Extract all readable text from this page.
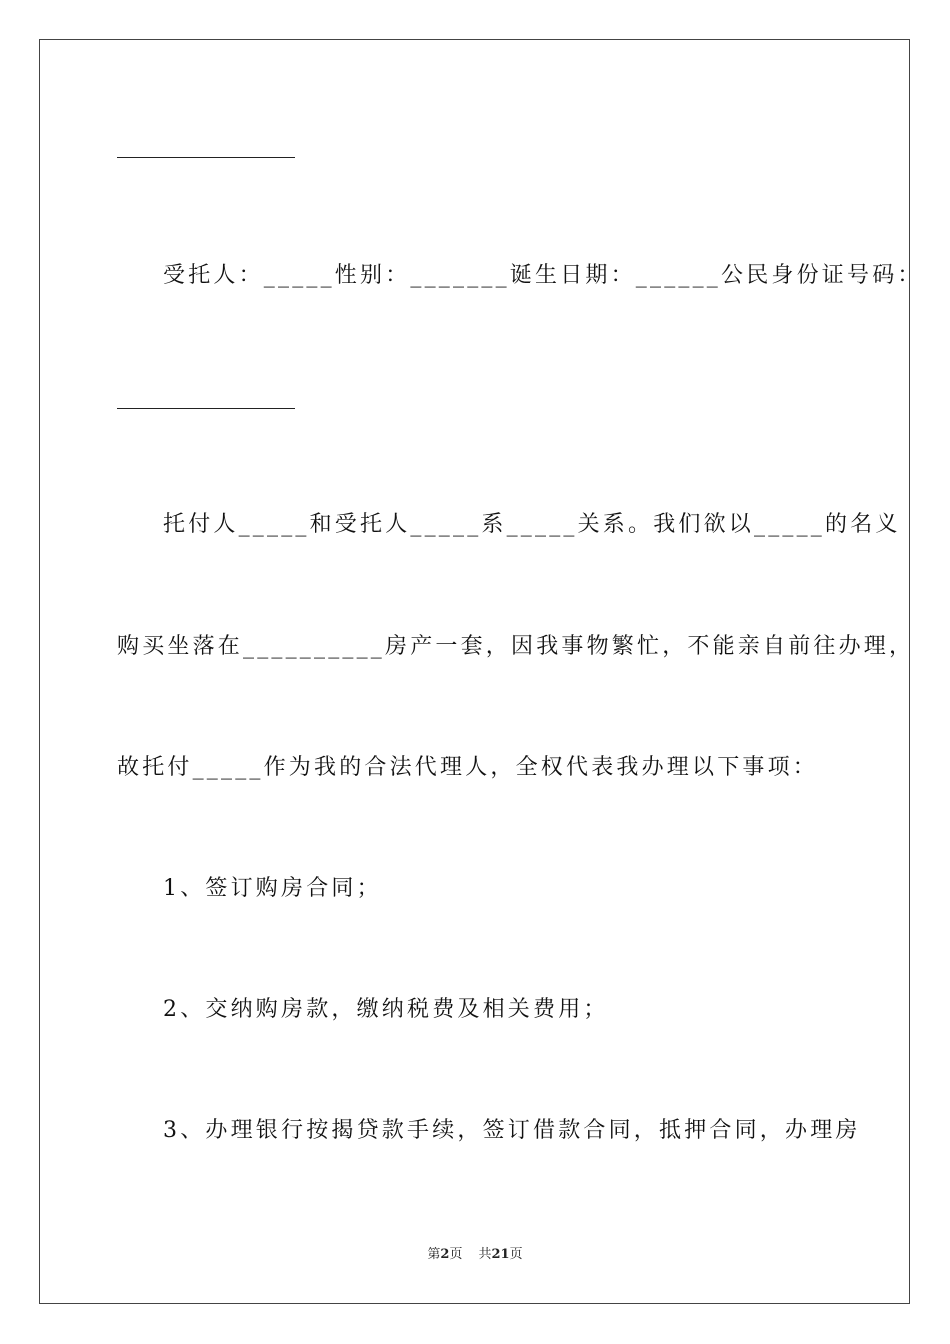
受托人：_____性别：_______诞生日期：______公民身份证号码：
托付人_____和受托人_____系_____关系。我们欲以_____的名义
购买坐落在__________房产一套，因我事物繁忙，不能亲自前往办理，
故托付_____作为我的合法代理人，全权代表我办理以下事项：
1、签订购房合同；
2、交纳购房款，缴纳税费及相关费用；
3、办理银行按揭贷款手续，签订借款合同，抵押合同，办理房
第2页 共21页
